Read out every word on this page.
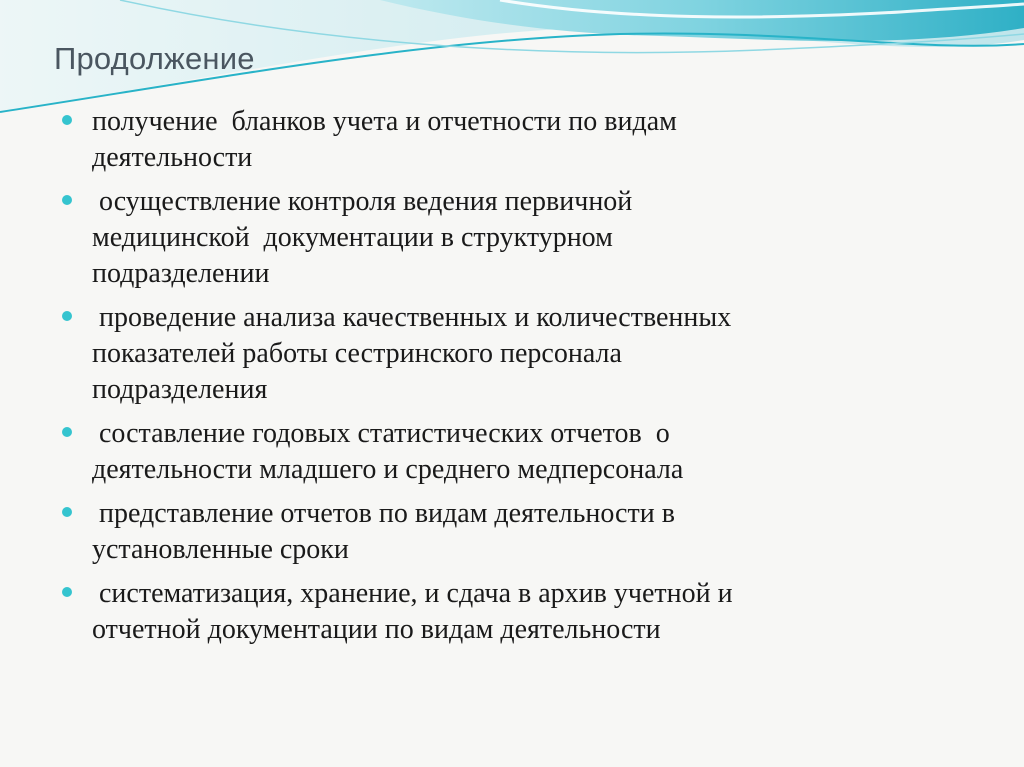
Продолжение
получение  бланков учета и отчетности по видам
деятельности
осуществление контроля ведения первичной
медицинской  документации в структурном
подразделении
проведение анализа качественных и количественных
показателей работы сестринского персонала
подразделения
составление годовых статистических отчетов  о
деятельности младшего и среднего медперсонала
представление отчетов по видам деятельности в
установленные сроки
систематизация, хранение, и сдача в архив учетной и
отчетной документации по видам деятельности
